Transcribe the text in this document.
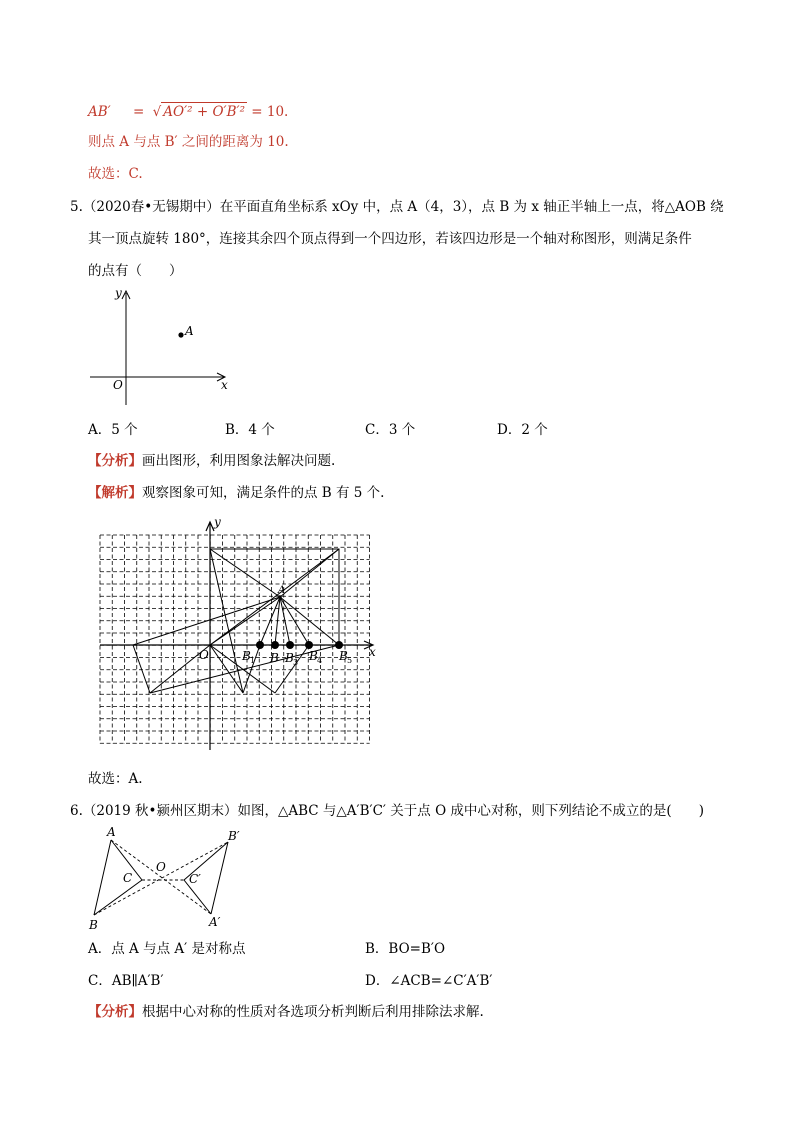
AB′ = √ AO′² + O′B′² = 10.
则点 A 与点 B′ 之间的距离为 10.
故选：C.
5.（2020春•无锡期中）在平面直角坐标系 xOy 中，点 A（4，3），点 B 为 x 轴正半轴上一点，将△AOB 绕
其一顶点旋转 180°，连接其余四个顶点得到一个四边形，若该四边形是一个轴对称图形，则满足条件
的点有（　　）
y
x
O
A
A．5 个	B．4 个	C．3 个	D．2 个
【分析】画出图形，利用图象法解决问题.
【解析】观察图象可知，满足条件的点 B 有 5 个.
y
x
O
A
B 1 B B 3 B 4 B 5
故选：A.
6.（2019 秋•颍州区期末）如图，△ABC 与△A′B′C′ 关于点 O 成中心对称，则下列结论不成立的是(　　)
A
B
C
O
A′
B′
C′
A．点 A 与点 A′ 是对称点	B．BO=B′O
C．AB∥A′B′	D．∠ACB=∠C′A′B′
【分析】根据中心对称的性质对各选项分析判断后利用排除法求解.
